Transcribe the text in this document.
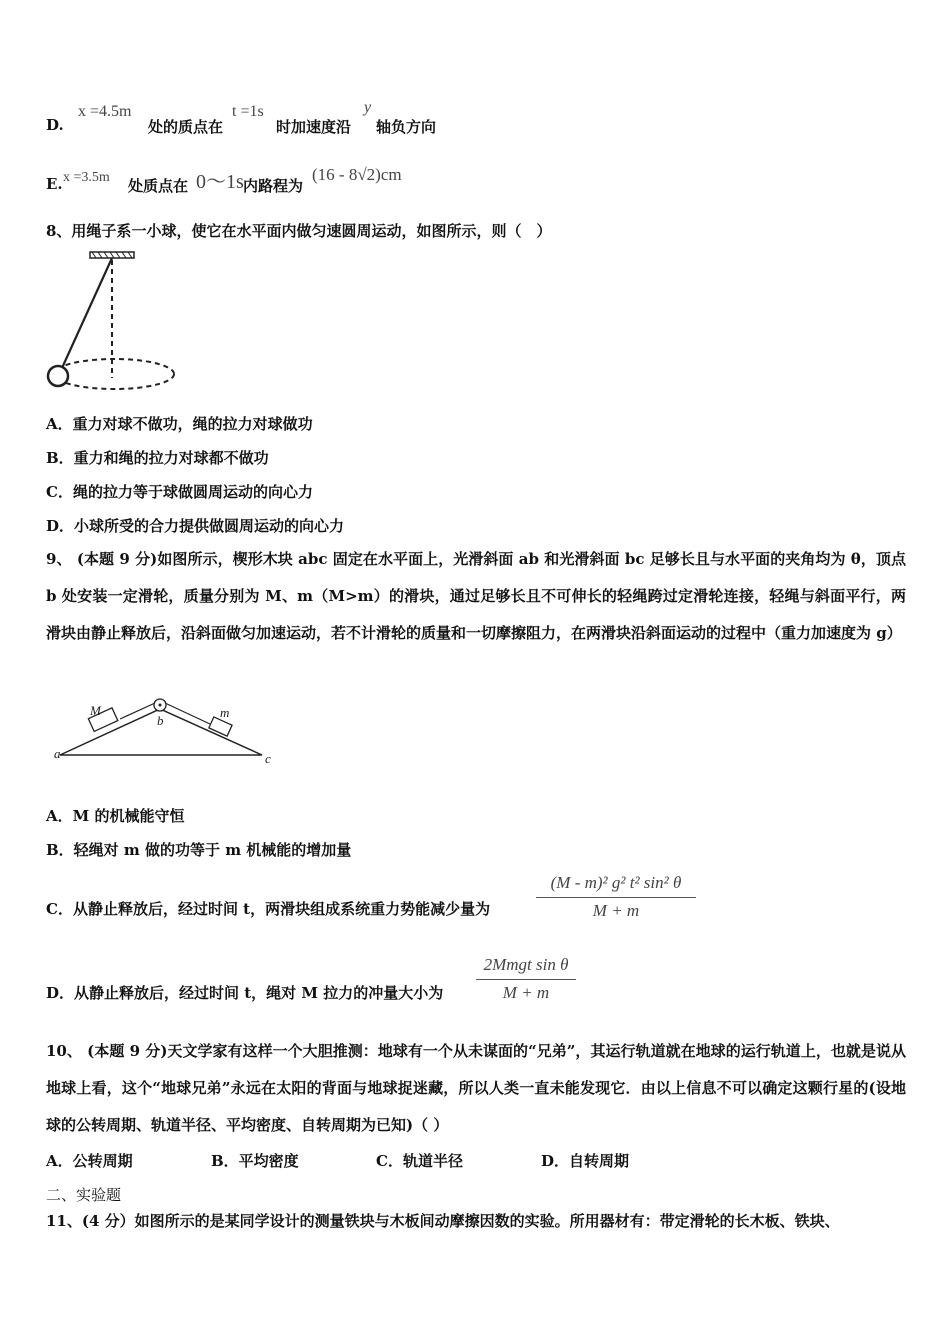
D.
x =4.5m
处的质点在
t =1s
时加速度沿
y
轴负方向
E. x =3.5m 处质点在 0～1s 内路程为
(16 - 8√2)cm
8、用绳子系一小球，使它在水平面内做匀速圆周运动，如图所示，则（　）
A．重力对球不做功，绳的拉力对球做功
B．重力和绳的拉力对球都不做功
C．绳的拉力等于球做圆周运动的向心力
D．小球所受的合力提供做圆周运动的向心力
9、 (本题 9 分)如图所示，楔形木块 abc 固定在水平面上，光滑斜面 ab 和光滑斜面 bc 足够长且与水平面的夹角均为 θ，顶点 b 处安装一定滑轮，质量分别为 M、m（M>m）的滑块，通过足够长且不可伸长的轻绳跨过定滑轮连接，轻绳与斜面平行，两滑块由静止释放后，沿斜面做匀加速运动，若不计滑轮的质量和一切摩擦阻力，在两滑块沿斜面运动的过程中（重力加速度为 g）
M	m
a
b
c
A．M 的机械能守恒
B．轻绳对 m 做的功等于 m 机械能的增加量
C．从静止释放后，经过时间 t，两滑块组成系统重力势能减少量为
(M - m)² g² t² sin² θ
M + m
D．从静止释放后，经过时间 t，绳对 M 拉力的冲量大小为
2Mmgt sin θ
M + m
10、 (本题 9 分)天文学家有这样一个大胆推测：地球有一个从未谋面的“兄弟”，其运行轨道就在地球的运行轨道上，也就是说从地球上看，这个“地球兄弟”永远在太阳的背面与地球捉迷藏，所以人类一直未能发现它．由以上信息不可以确定这颗行星的(设地球的公转周期、轨道半径、平均密度、自转周期为已知)（ ）
A．公转周期	B．平均密度	C．轨道半径	D．自转周期
二、实验题
11、(4 分）如图所示的是某同学设计的测量铁块与木板间动摩擦因数的实验。所用器材有：带定滑轮的长木板、铁块、
